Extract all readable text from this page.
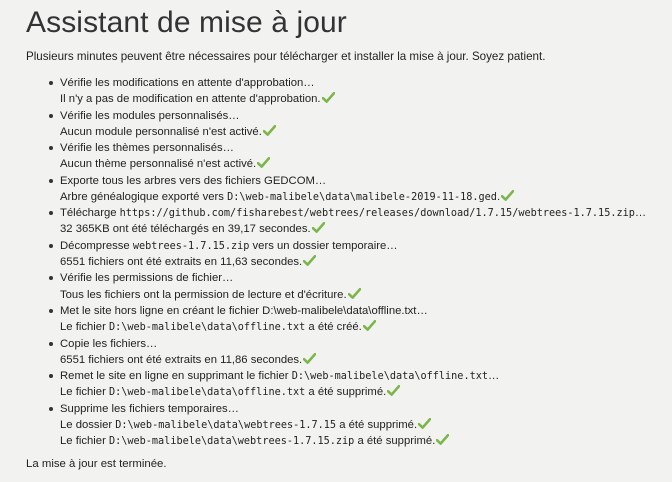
Assistant de mise à jour

Plusieurs minutes peuvent être nécessaires pour télécharger et installer la mise à jour. Soyez patient.

Vérifie les modifications en attente d'approbation…
Il n'y a pas de modification en attente d'approbation.
Vérifie les modules personnalisés…
Aucun module personnalisé n'est activé.
Vérifie les thèmes personnalisés…
Aucun thème personnalisé n'est activé.
Exporte tous les arbres vers des fichiers GEDCOM…
Arbre généalogique exporté vers D:\web-malibele\data\malibele-2019-11-18.ged.
Télécharge https://github.com/fisharebest/webtrees/releases/download/1.7.15/webtrees-1.7.15.zip…
32 365KB ont été téléchargés en 39,17 secondes.
Décompresse webtrees-1.7.15.zip vers un dossier temporaire…
6551 fichiers ont été extraits en 11,63 secondes.
Vérifie les permissions de fichier…
Tous les fichiers ont la permission de lecture et d'écriture.
Met le site hors ligne en créant le fichier D:\web-malibele\data\offline.txt…
Le fichier D:\web-malibele\data\offline.txt a été créé.
Copie les fichiers…
6551 fichiers ont été extraits en 11,86 secondes.
Remet le site en ligne en supprimant le fichier D:\web-malibele\data\offline.txt…
Le fichier D:\web-malibele\data\offline.txt a été supprimé.
Supprime les fichiers temporaires…
Le dossier D:\web-malibele\data\webtrees-1.7.15 a été supprimé.
Le fichier D:\web-malibele\data\webtrees-1.7.15.zip a été supprimé.

La mise à jour est terminée.
